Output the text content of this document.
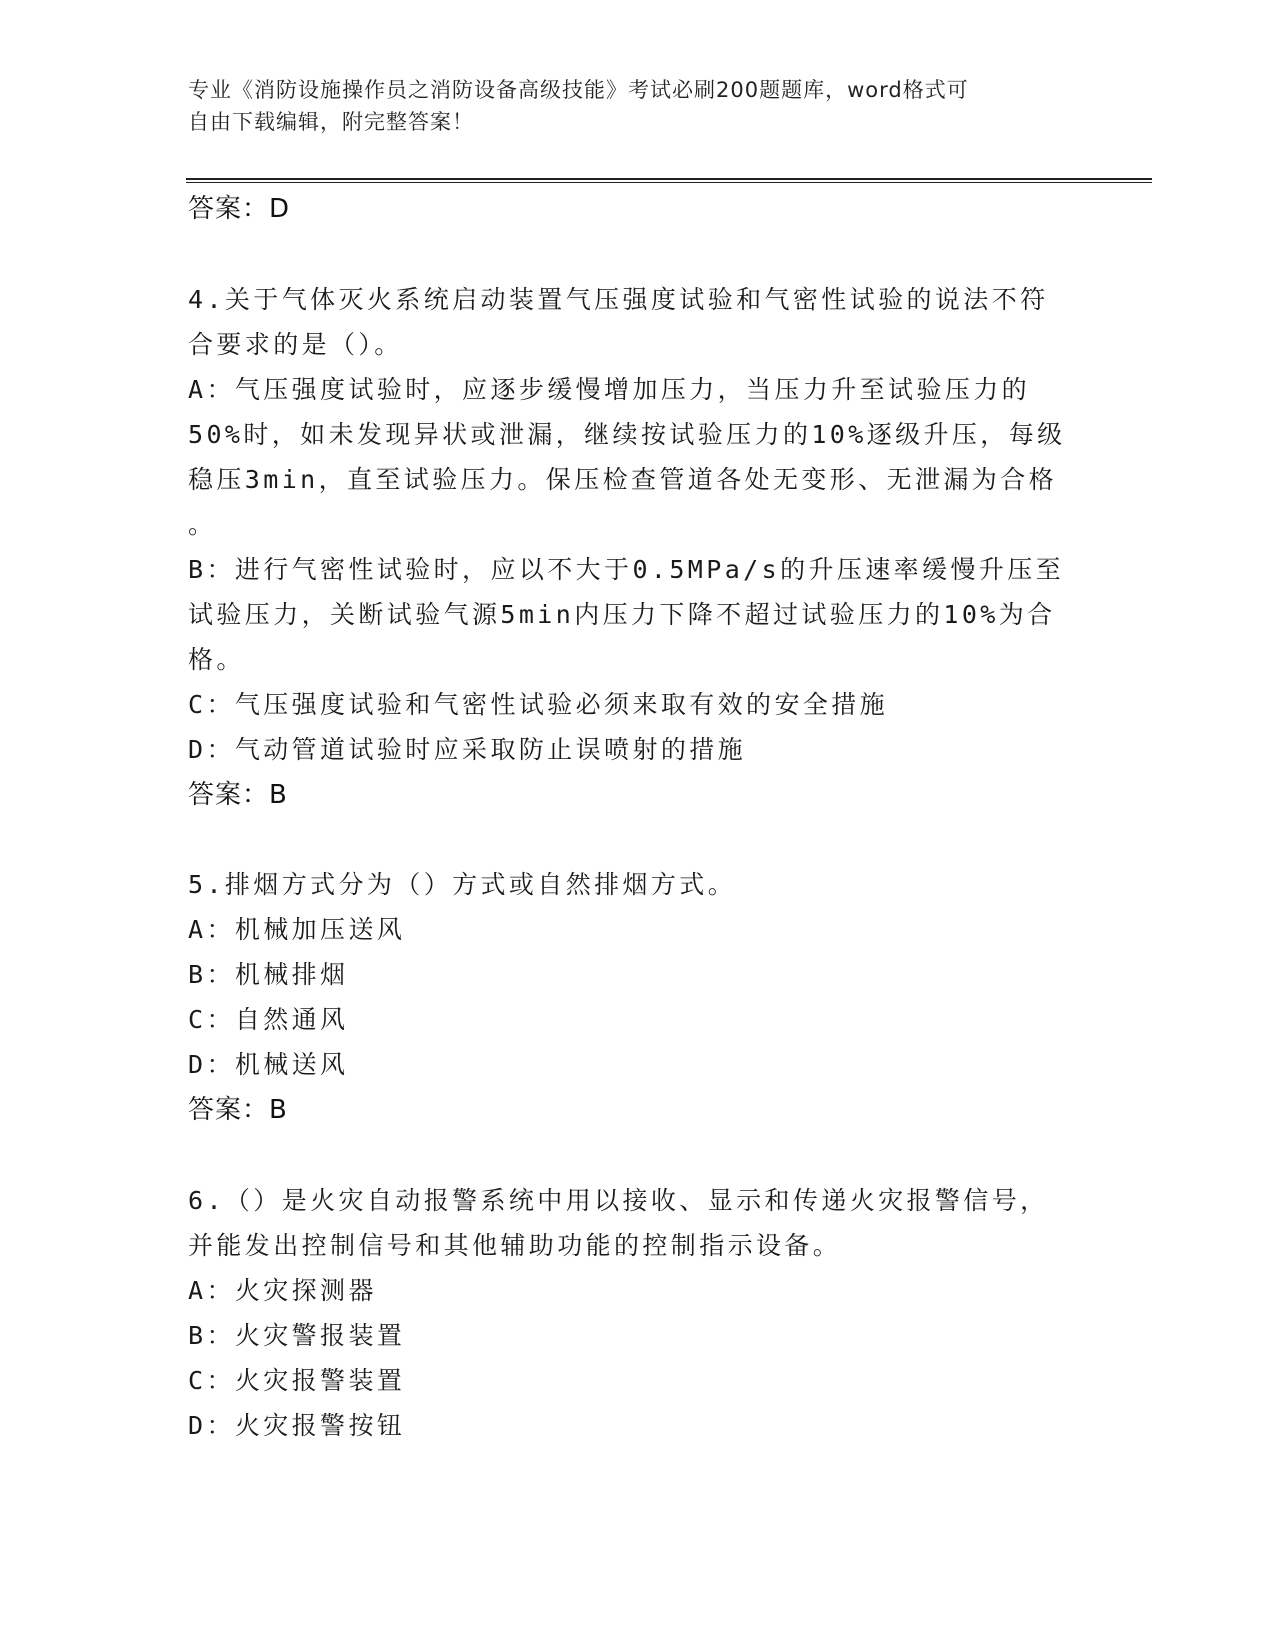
专业《消防设施操作员之消防设备高级技能》考试必刷200题题库，word格式可
自由下载编辑，附完整答案！
答案：D
4.关于气体灭火系统启动装置气压强度试验和气密性试验的说法不符
合要求的是（）。
A：气压强度试验时，应逐步缓慢增加压力，当压力升至试验压力的
50%时，如未发现异状或泄漏，继续按试验压力的10%逐级升压，每级
稳压3min，直至试验压力。保压检查管道各处无变形、无泄漏为合格
。
B：进行气密性试验时，应以不大于0.5MPa/s的升压速率缓慢升压至
试验压力，关断试验气源5min内压力下降不超过试验压力的10%为合
格。
C：气压强度试验和气密性试验必须来取有效的安全措施
D：气动管道试验时应采取防止误喷射的措施
答案：B
5.排烟方式分为（）方式或自然排烟方式。
A：机械加压送风
B：机械排烟
C：自然通风
D：机械送风
答案：B
6.（）是火灾自动报警系统中用以接收、显示和传递火灾报警信号，
并能发出控制信号和其他辅助功能的控制指示设备。
A：火灾探测器
B：火灾警报装置
C：火灾报警装置
D：火灾报警按钮
